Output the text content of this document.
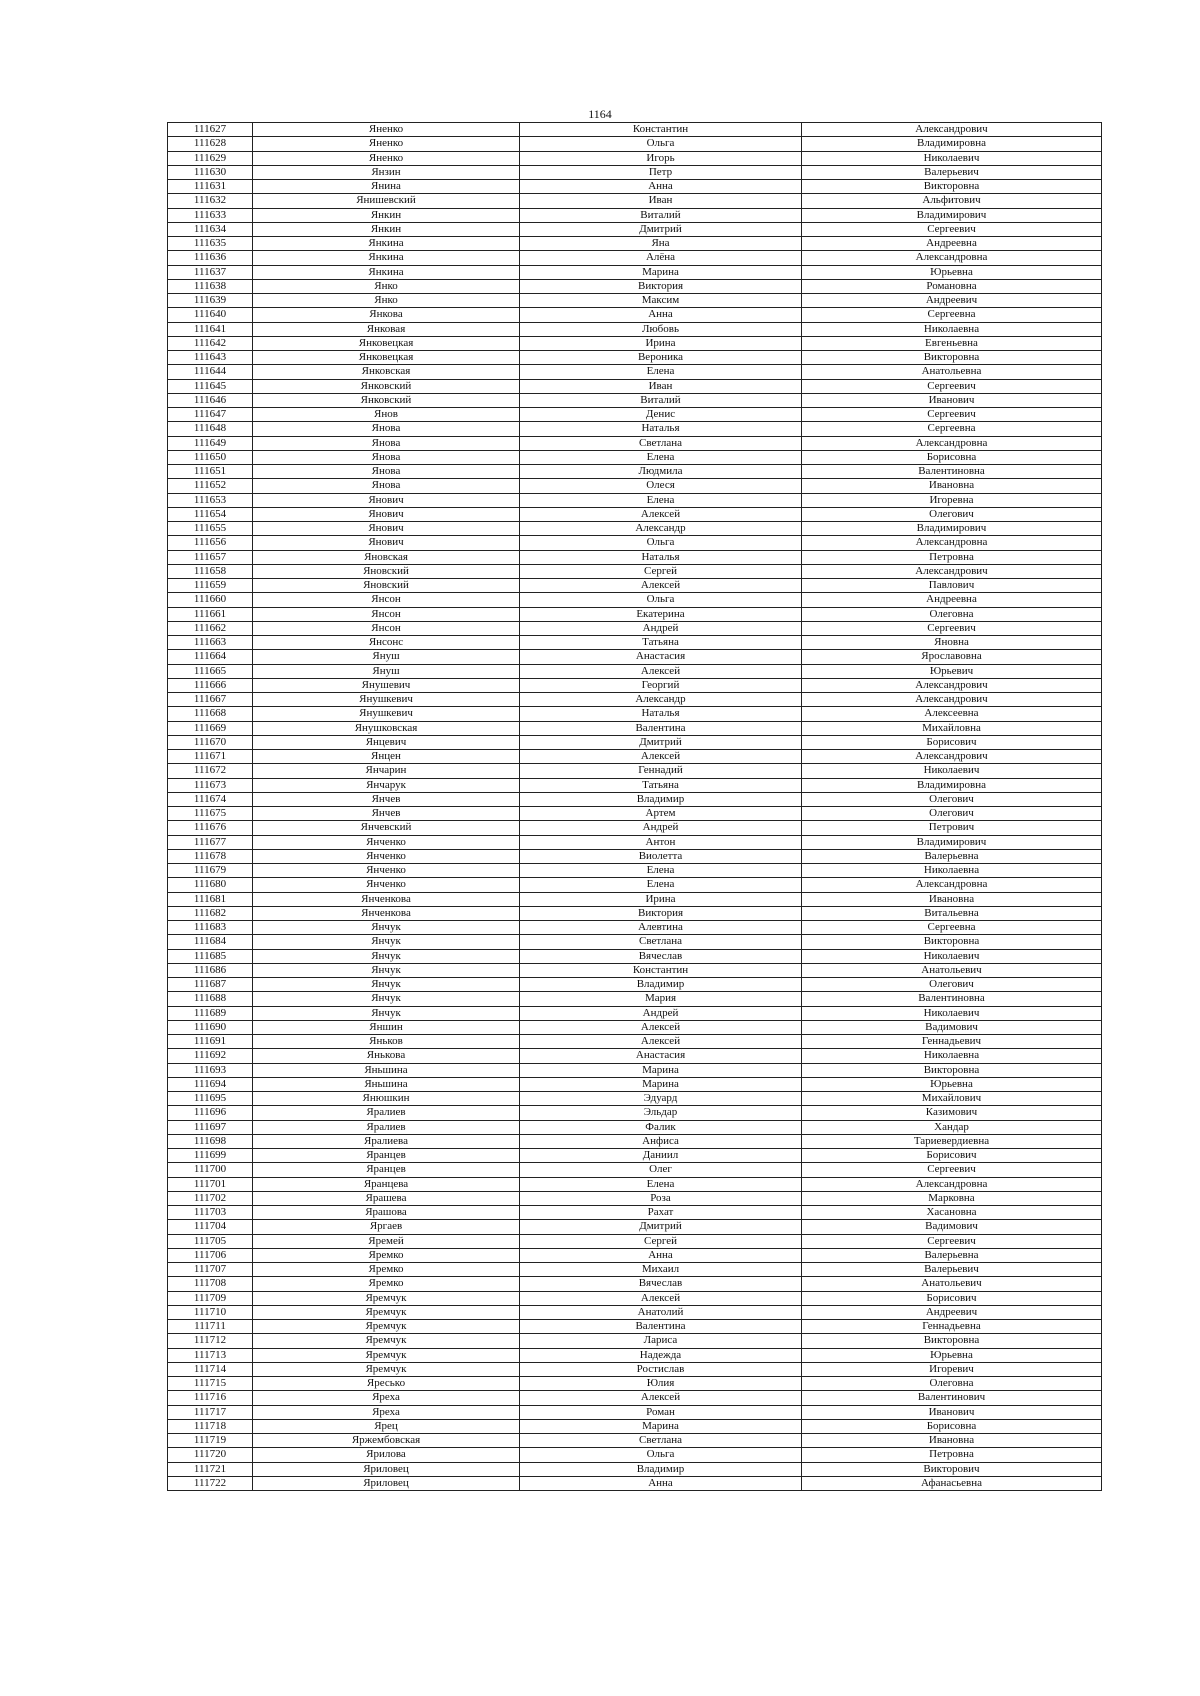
1164
111627	Яненко	Константин	Александрович
111628	Яненко	Ольга	Владимировна
111629	Яненко	Игорь	Николаевич
111630	Янзин	Петр	Валерьевич
111631	Янина	Анна	Викторовна
111632	Янишевский	Иван	Альфитович
111633	Янкин	Виталий	Владимирович
111634	Янкин	Дмитрий	Сергеевич
111635	Янкина	Яна	Андреевна
111636	Янкина	Алёна	Александровна
111637	Янкина	Марина	Юрьевна
111638	Янко	Виктория	Романовна
111639	Янко	Максим	Андреевич
111640	Янкова	Анна	Сергеевна
111641	Янковая	Любовь	Николаевна
111642	Янковецкая	Ирина	Евгеньевна
111643	Янковецкая	Вероника	Викторовна
111644	Янковская	Елена	Анатольевна
111645	Янковский	Иван	Сергеевич
111646	Янковский	Виталий	Иванович
111647	Янов	Денис	Сергеевич
111648	Янова	Наталья	Сергеевна
111649	Янова	Светлана	Александровна
111650	Янова	Елена	Борисовна
111651	Янова	Людмила	Валентиновна
111652	Янова	Олеся	Ивановна
111653	Янович	Елена	Игоревна
111654	Янович	Алексей	Олегович
111655	Янович	Александр	Владимирович
111656	Янович	Ольга	Александровна
111657	Яновская	Наталья	Петровна
111658	Яновский	Сергей	Александрович
111659	Яновский	Алексей	Павлович
111660	Янсон	Ольга	Андреевна
111661	Янсон	Екатерина	Олеговна
111662	Янсон	Андрей	Сергеевич
111663	Янсонс	Татьяна	Яновна
111664	Януш	Анастасия	Ярославовна
111665	Януш	Алексей	Юрьевич
111666	Янушевич	Георгий	Александрович
111667	Янушкевич	Александр	Александрович
111668	Янушкевич	Наталья	Алексеевна
111669	Янушковская	Валентина	Михайловна
111670	Янцевич	Дмитрий	Борисович
111671	Янцен	Алексей	Александрович
111672	Янчарин	Геннадий	Николаевич
111673	Янчарук	Татьяна	Владимировна
111674	Янчев	Владимир	Олегович
111675	Янчев	Артем	Олегович
111676	Янчевский	Андрей	Петрович
111677	Янченко	Антон	Владимирович
111678	Янченко	Виолетта	Валерьевна
111679	Янченко	Елена	Николаевна
111680	Янченко	Елена	Александровна
111681	Янченкова	Ирина	Ивановна
111682	Янченкова	Виктория	Витальевна
111683	Янчук	Алевтина	Сергеевна
111684	Янчук	Светлана	Викторовна
111685	Янчук	Вячеслав	Николаевич
111686	Янчук	Константин	Анатольевич
111687	Янчук	Владимир	Олегович
111688	Янчук	Мария	Валентиновна
111689	Янчук	Андрей	Николаевич
111690	Яншин	Алексей	Вадимович
111691	Яньков	Алексей	Геннадьевич
111692	Янькова	Анастасия	Николаевна
111693	Яньшина	Марина	Викторовна
111694	Яньшина	Марина	Юрьевна
111695	Янюшкин	Эдуард	Михайлович
111696	Яралиев	Эльдар	Казимович
111697	Яралиев	Фалик	Хандар
111698	Яралиева	Анфиса	Тариевердиевна
111699	Яранцев	Даниил	Борисович
111700	Яранцев	Олег	Сергеевич
111701	Яранцева	Елена	Александровна
111702	Ярашева	Роза	Марковна
111703	Ярашова	Рахат	Хасановна
111704	Яргаев	Дмитрий	Вадимович
111705	Яремей	Сергей	Сергеевич
111706	Яремко	Анна	Валерьевна
111707	Яремко	Михаил	Валерьевич
111708	Яремко	Вячеслав	Анатольевич
111709	Яремчук	Алексей	Борисович
111710	Яремчук	Анатолий	Андреевич
111711	Яремчук	Валентина	Геннадьевна
111712	Яремчук	Лариса	Викторовна
111713	Яремчук	Надежда	Юрьевна
111714	Яремчук	Ростислав	Игоревич
111715	Яресько	Юлия	Олеговна
111716	Яреха	Алексей	Валентинович
111717	Яреха	Роман	Иванович
111718	Ярец	Марина	Борисовна
111719	Яржембовская	Светлана	Ивановна
111720	Ярилова	Ольга	Петровна
111721	Яриловец	Владимир	Викторович
111722	Яриловец	Анна	Афанасьевна
